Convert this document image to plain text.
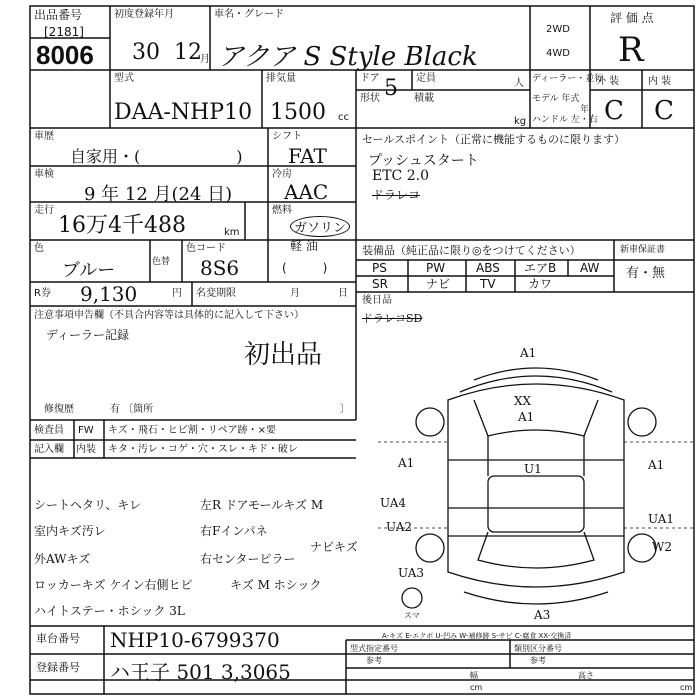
出品番号
[2181]
8006
初度登録年月
30 12
月
車名・グレード
アクア S Style Black
2WD
4WD
評 価 点
R
外 装	内 装
C C
型式
DAA-NHP10
排気量
1500 cc
ドア 5 定員	人
形状	積載
kg
ディーラー・並行
モデル 年式
年
ハンドル 左・右
車歴
自家用・(　　　　　　)
シフト
FAT
車検
9 年 12 月(24 日)
冷房
AAC
走行
16万4千488	km
燃料
ガソリン
軽 油
(　　　)
色
ブルー	色替
色コード
8S6
セールスポイント（正常に機能するものに限ります）
プッシュスタート
ETC 2.0
ドラレコ
装備品（純正品に限り◎をつけてください）	新車保証書
有・無
PS	PW	ABS エアB AW
SR	ナビ TV	カワ
後日品
ドラレコSD
R券 9,130	円 名変期限	月	日
注意事項申告欄（不具合内容等は具体的に記入して下さい）
ディーラー記録
初出品
修復歴	有 〔箇所	〕
検査員 FW キズ・飛石・ヒビ割・リペア跡・×要
記入欄 内装 キタ・汚レ・コゲ・穴・スレ・キド・破レ
シートヘタリ、キレ	左R ドアモールキズ M
室内キズ汚レ	右Fインパネ
ナビキズ
外AWキズ	右センターピラー
ロッカーキズ ケイン右側ヒビ	キズ M ホシック
ハイトステー・ホシック 3L
A1
XX
A1
U1
A1	A1
UA4
UA2
UA1
W2
UA3
A3
スマ
A-キズ E-エクボ U-凹み W-補修跡 S-サビ C-腐食 XX-交換済
車台番号 NHP10-6799370
登録番号 ハ王子 501 3,3065
型式指定番号
参考
類別区分番号
参考
幅	高さ
cm	cm
